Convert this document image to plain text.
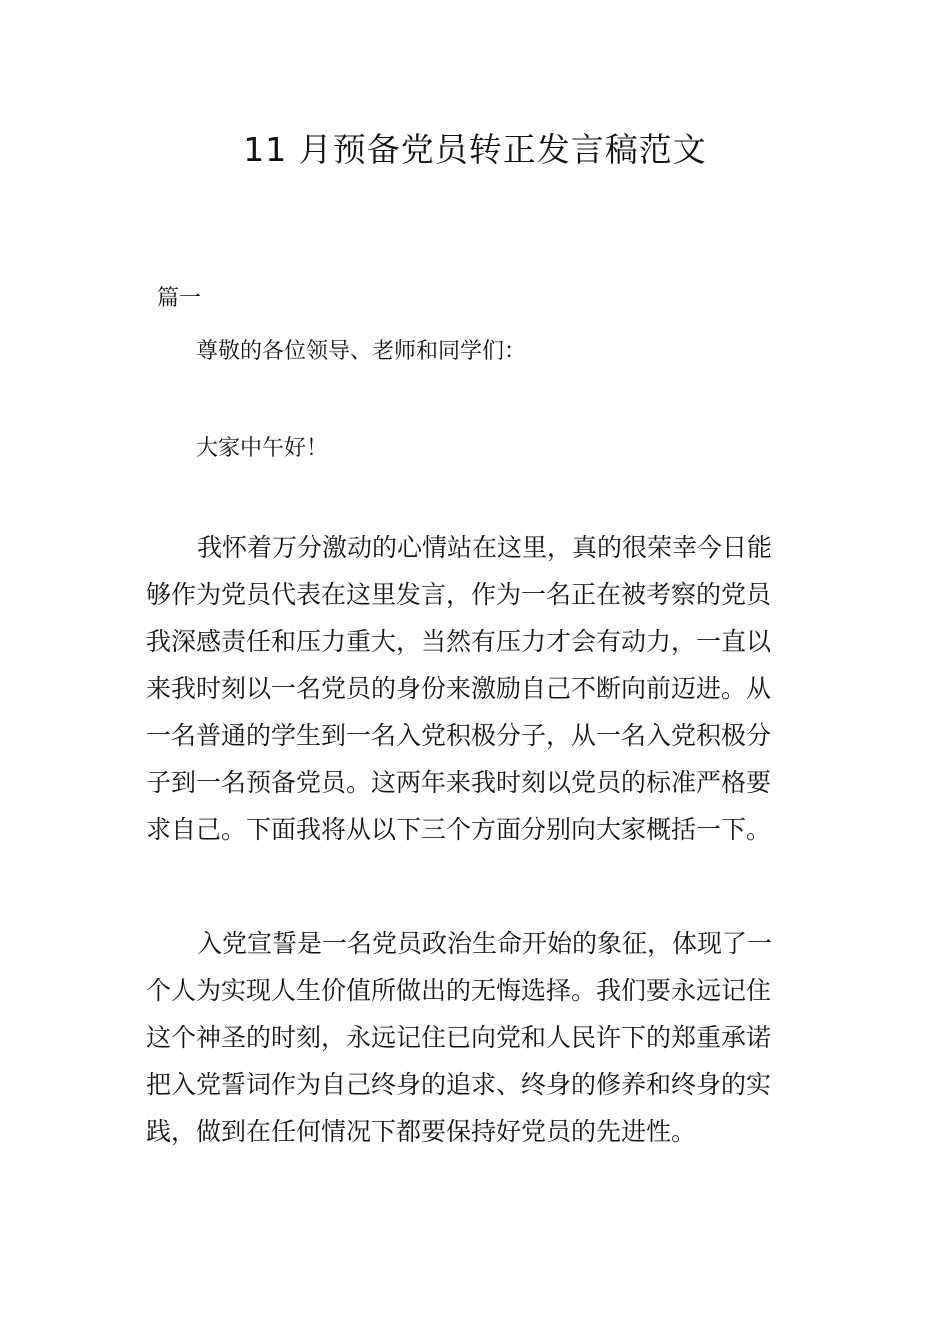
11 月预备党员转正发言稿范文
篇一
尊敬的各位领导、老师和同学们：
大家中午好！
我怀着万分激动的心情站在这里，真的很荣幸今日能
够作为党员代表在这里发言，作为一名正在被考察的党员
我深感责任和压力重大，当然有压力才会有动力，一直以
来我时刻以一名党员的身份来激励自己不断向前迈进。从
一名普通的学生到一名入党积极分子，从一名入党积极分
子到一名预备党员。这两年来我时刻以党员的标准严格要
求自己。下面我将从以下三个方面分别向大家概括一下。
入党宣誓是一名党员政治生命开始的象征，体现了一
个人为实现人生价值所做出的无悔选择。我们要永远记住
这个神圣的时刻，永远记住已向党和人民许下的郑重承诺
把入党誓词作为自己终身的追求、终身的修养和终身的实
践，做到在任何情况下都要保持好党员的先进性。
